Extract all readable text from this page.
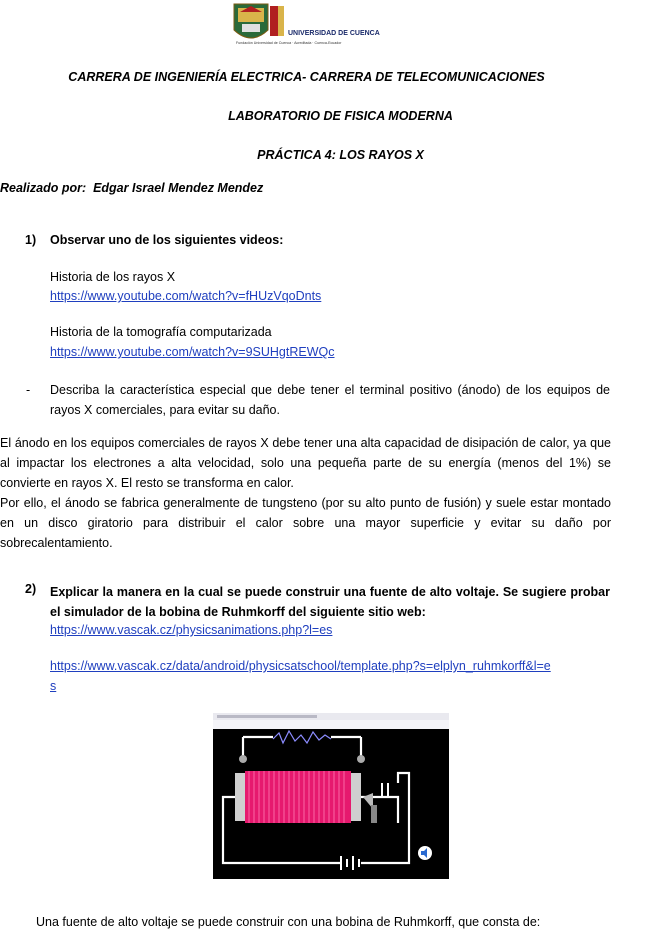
UNIVERSIDAD DE CUENCA
Fundación Universidad de Cuenca · Acreditada · Cuenca-Ecuador
CARRERA DE INGENIERÍA ELECTRICA- CARRERA DE TELECOMUNICACIONES
LABORATORIO DE FISICA MODERNA
PRÁCTICA 4: LOS RAYOS X
Realizado por: Edgar Israel Mendez Mendez
1) Observar uno de los siguientes videos:
Historia de los rayos X
https://www.youtube.com/watch?v=fHUzVqoDnts
Historia de la tomografía computarizada
https://www.youtube.com/watch?v=9SUHgtREWQc
- Describa la característica especial que debe tener el terminal positivo (ánodo) de los equipos de rayos X comerciales, para evitar su daño.
El ánodo en los equipos comerciales de rayos X debe tener una alta capacidad de disipación de calor, ya que al impactar los electrones a alta velocidad, solo una pequeña parte de su energía (menos del 1%) se convierte en rayos X. El resto se transforma en calor.
Por ello, el ánodo se fabrica generalmente de tungsteno (por su alto punto de fusión) y suele estar montado en un disco giratorio para distribuir el calor sobre una mayor superficie y evitar su daño por sobrecalentamiento.
2) Explicar la manera en la cual se puede construir una fuente de alto voltaje. Se sugiere probar el simulador de la bobina de Ruhmkorff del siguiente sitio web:
https://www.vascak.cz/physicsanimations.php?l=es
https://www.vascak.cz/data/android/physicsatschool/template.php?s=elplyn_ruhmkorff&l=e
s
Una fuente de alto voltaje se puede construir con una bobina de Ruhmkorff, que consta de:
